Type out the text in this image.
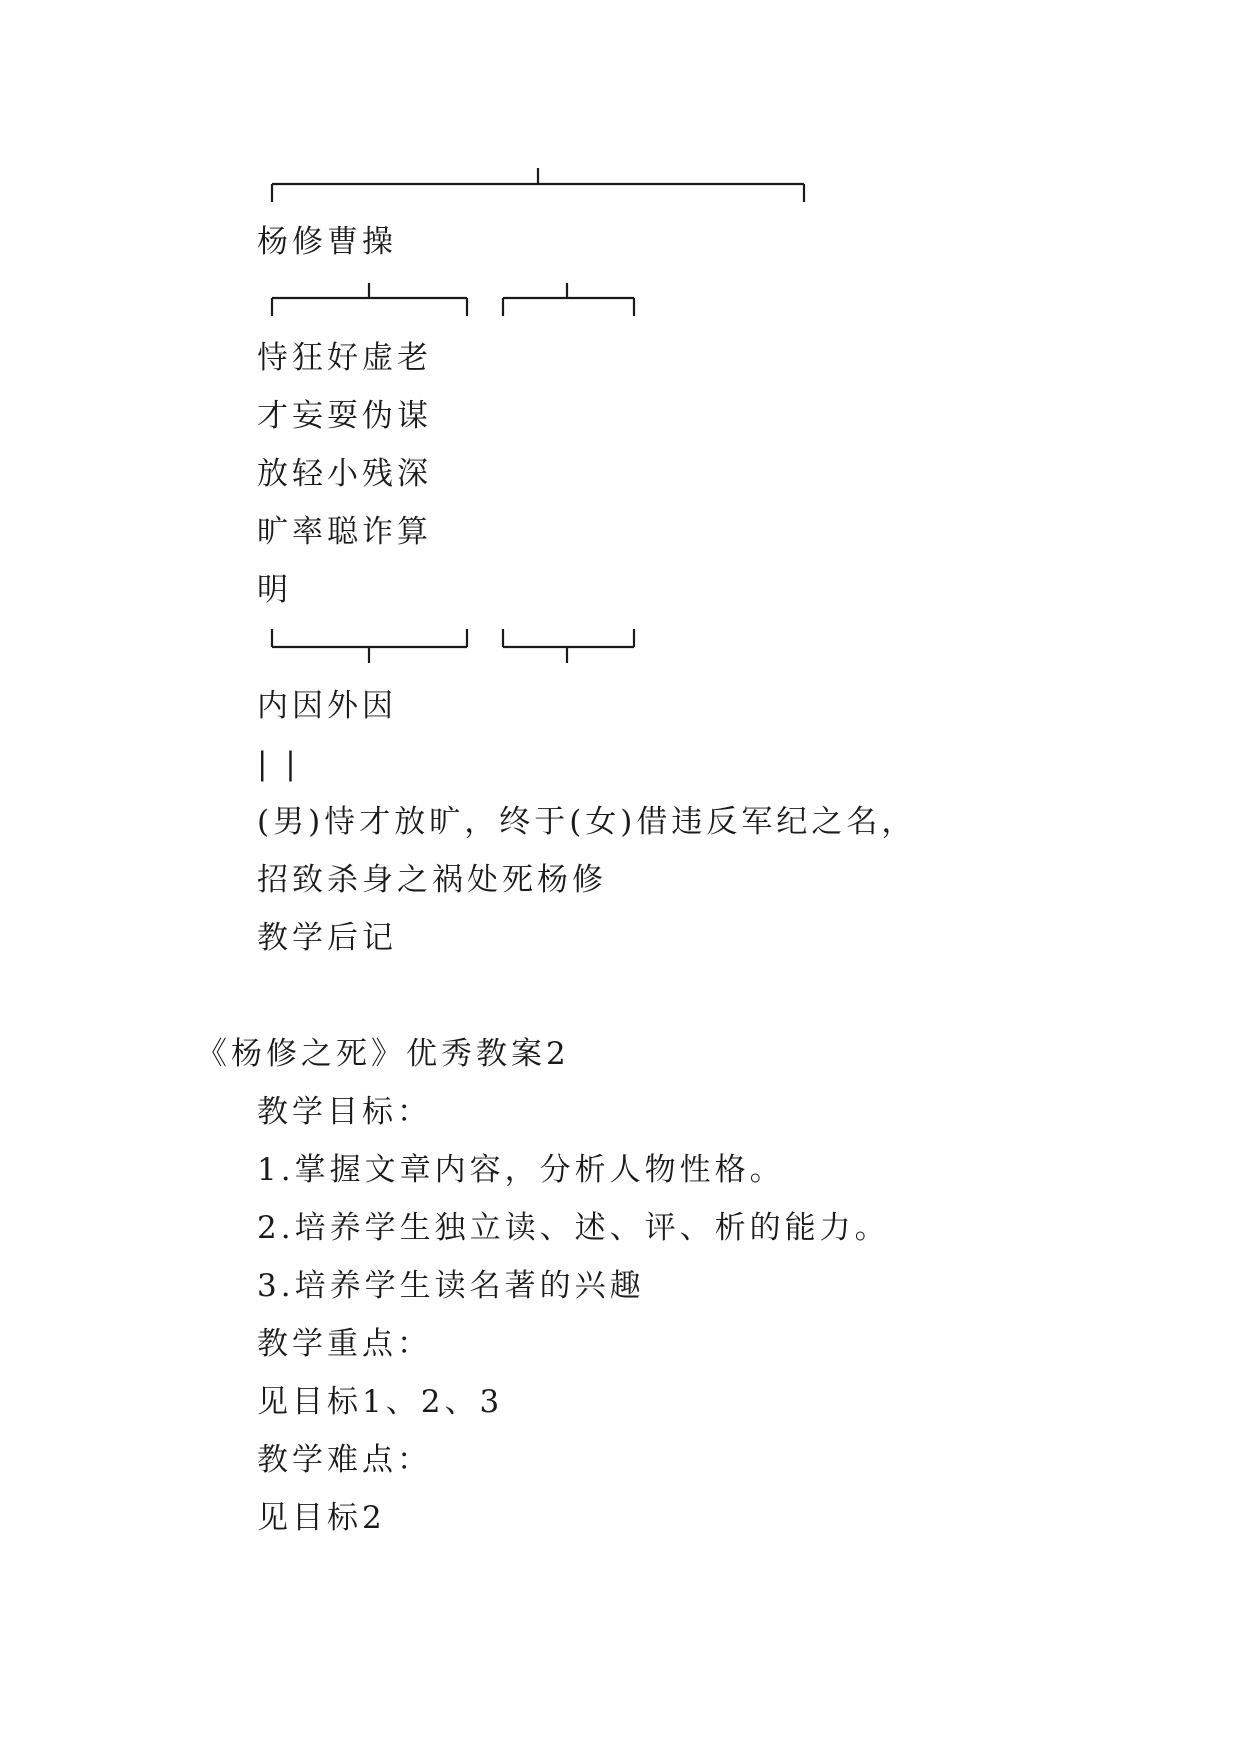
杨修曹操
恃狂好虚老
才妄耍伪谋
放轻小残深
旷率聪诈算
明
内因外因
| |
(男)恃才放旷，终于(女)借违反军纪之名，
招致杀身之祸处死杨修
教学后记
《杨修之死》优秀教案2
教学目标：
1.掌握文章内容，分析人物性格。
2.培养学生独立读、述、评、析的能力。
3.培养学生读名著的兴趣
教学重点：
见目标1、2、3
教学难点：
见目标2
